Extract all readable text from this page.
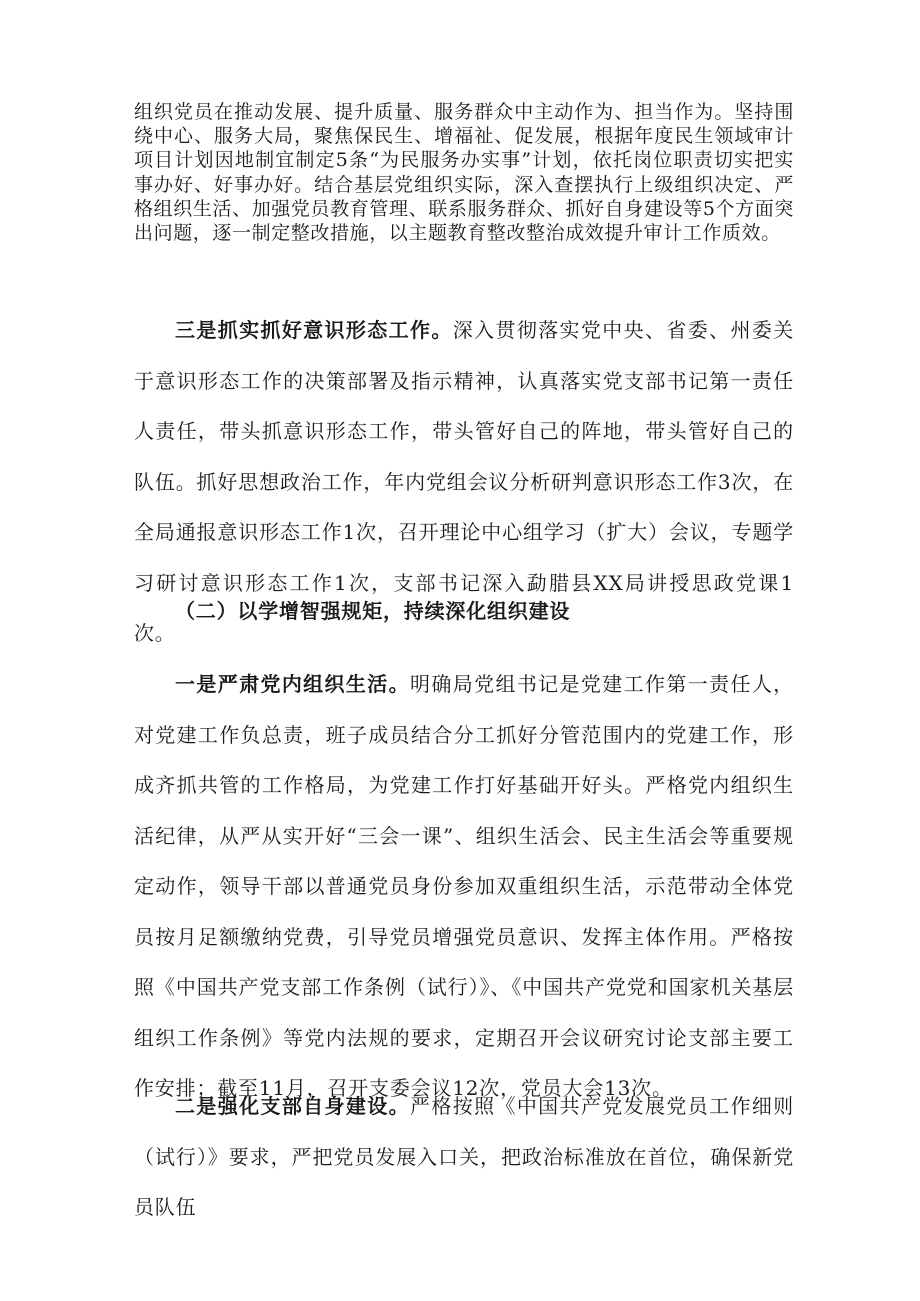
组织党员在推动发展、提升质量、服务群众中主动作为、担当作为。坚持围绕中心、服务大局，聚焦保民生、增福祉、促发展，根据年度民生领域审计项目计划因地制宜制定5条“为民服务办实事”计划，依托岗位职责切实把实事办好、好事办好。结合基层党组织实际，深入查摆执行上级组织决定、严格组织生活、加强党员教育管理、联系服务群众、抓好自身建设等5个方面突出问题，逐一制定整改措施，以主题教育整改整治成效提升审计工作质效。

三是抓实抓好意识形态工作。深入贯彻落实党中央、省委、州委关于意识形态工作的决策部署及指示精神，认真落实党支部书记第一责任人责任，带头抓意识形态工作，带头管好自己的阵地，带头管好自己的队伍。抓好思想政治工作，年内党组会议分析研判意识形态工作3次，在全局通报意识形态工作1次，召开理论中心组学习（扩大）会议，专题学习研讨意识形态工作1次，支部书记深入勐腊县XX局讲授思政党课1次。

（二）以学增智强规矩，持续深化组织建设

一是严肃党内组织生活。明确局党组书记是党建工作第一责任人，对党建工作负总责，班子成员结合分工抓好分管范围内的党建工作，形成齐抓共管的工作格局，为党建工作打好基础开好头。严格党内组织生活纪律，从严从实开好“三会一课”、组织生活会、民主生活会等重要规定动作，领导干部以普通党员身份参加双重组织生活，示范带动全体党员按月足额缴纳党费，引导党员增强党员意识、发挥主体作用。严格按照《中国共产党支部工作条例（试行）》、《中国共产党党和国家机关基层组织工作条例》等党内法规的要求，定期召开会议研究讨论支部主要工作安排；截至11月，召开支委会议12次，党员大会13次。

二是强化支部自身建设。严格按照《中国共产党发展党员工作细则（试行）》要求，严把党员发展入口关，把政治标准放在首位，确保新党员队伍
